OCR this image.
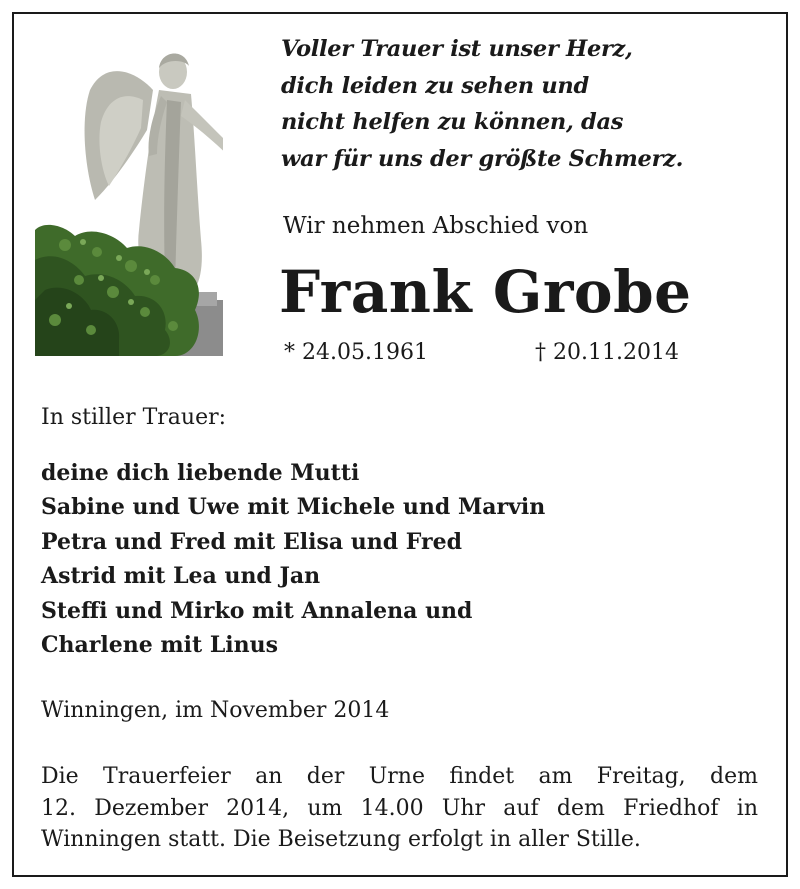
Voller Trauer ist unser Herz,
dich leiden zu sehen und
nicht helfen zu können, das
war für uns der größte Schmerz.
Wir nehmen Abschied von
Frank Grobe
* 24.05.1961	† 20.11.2014
In stiller Trauer:
deine dich liebende Mutti
Sabine und Uwe mit Michele und Marvin
Petra und Fred mit Elisa und Fred
Astrid mit Lea und Jan
Steffi und Mirko mit Annalena und
Charlene mit Linus
Winningen, im November 2014
Die Trauerfeier an der Urne findet am Freitag, dem
12. Dezember 2014, um 14.00 Uhr auf dem Friedhof in
Winningen statt. Die Beisetzung erfolgt in aller Stille.
